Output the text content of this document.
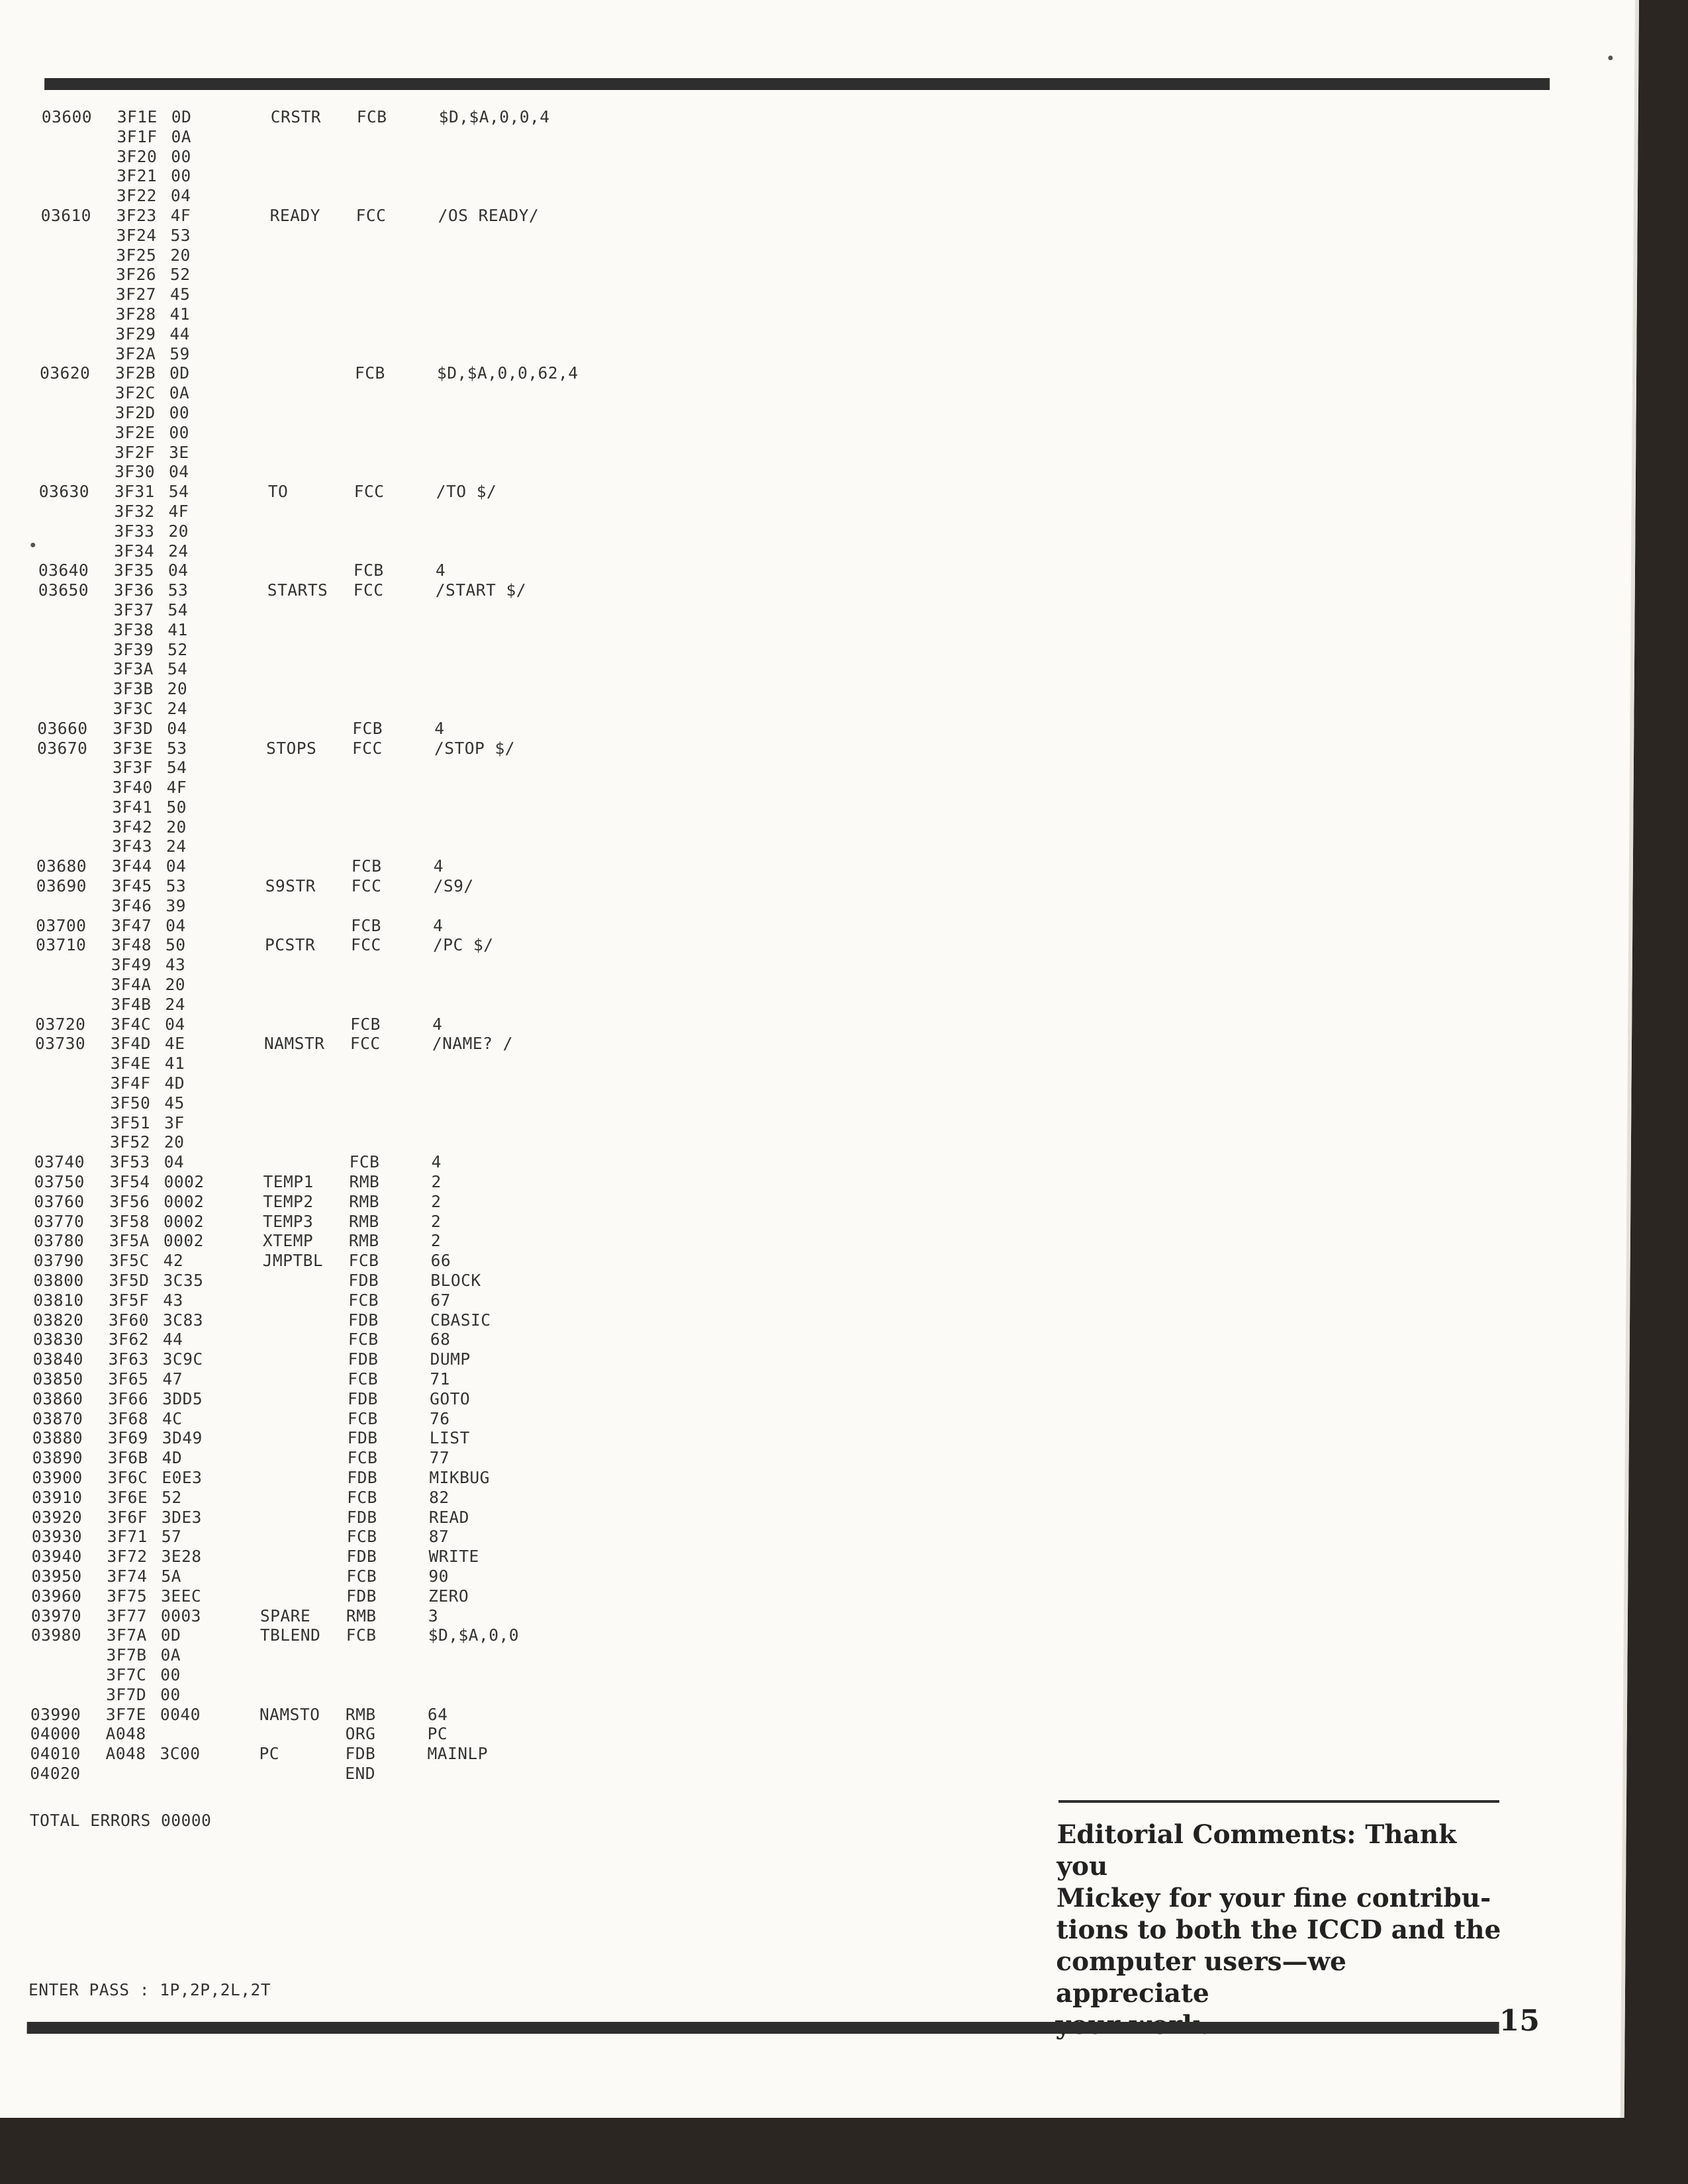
03600 3F1E 0D	CRSTR FCB	$D,$A,0,0,4
3F1F 0A
3F20 00
3F21 00
3F22 04
03610 3F23 4F	READY FCC	/OS READY/
3F24 53
3F25 20
3F26 52
3F27 45
3F28 41
3F29 44
3F2A 59
03620 3F2B 0D	FCB	$D,$A,0,0,62,4
3F2C 0A
3F2D 00
3F2E 00
3F2F 3E
3F30 04
03630 3F31 54	TO	FCC	/TO $/
3F32 4F
3F33 20
3F34 24
03640 3F35 04	FCB	4
03650 3F36 53	STARTS FCC	/START $/
3F37 54
3F38 41
3F39 52
3F3A 54
3F3B 20
3F3C 24
03660 3F3D 04	FCB	4
03670 3F3E 53	STOPS FCC	/STOP $/
3F3F 54
3F40 4F
3F41 50
3F42 20
3F43 24
03680 3F44 04	FCB	4
03690 3F45 53	S9STR FCC	/S9/
3F46 39
03700 3F47 04	FCB	4
03710 3F48 50	PCSTR FCC	/PC $/
3F49 43
3F4A 20
3F4B 24
03720 3F4C 04	FCB	4
03730 3F4D 4E	NAMSTR FCC	/NAME? /
3F4E 41
3F4F 4D
3F50 45
3F51 3F
3F52 20
03740 3F53 04	FCB	4
03750 3F54 0002	TEMP1 RMB	2
03760 3F56 0002	TEMP2 RMB	2
03770 3F58 0002	TEMP3 RMB	2
03780 3F5A 0002	XTEMP RMB	2
03790 3F5C 42	JMPTBL FCB	66
03800 3F5D 3C35	FDB	BLOCK
03810 3F5F 43	FCB	67
03820 3F60 3C83	FDB	CBASIC
03830 3F62 44	FCB	68
03840 3F63 3C9C	FDB	DUMP
03850 3F65 47	FCB	71
03860 3F66 3DD5	FDB	GOTO
03870 3F68 4C	FCB	76
03880 3F69 3D49	FDB	LIST
03890 3F6B 4D	FCB	77
03900 3F6C E0E3	FDB	MIKBUG
03910 3F6E 52	FCB	82
03920 3F6F 3DE3	FDB	READ
03930 3F71 57	FCB	87
03940 3F72 3E28	FDB	WRITE
03950 3F74 5A	FCB	90
03960 3F75 3EEC	FDB	ZERO
03970 3F77 0003	SPARE RMB	3
03980 3F7A 0D	TBLEND FCB	$D,$A,0,0
3F7B 0A
3F7C 00
3F7D 00
03990 3F7E 0040	NAMSTO RMB	64
04000 A048	ORG	PC
04010 A048 3C00	PC	FDB	MAINLP
04020	END
TOTAL ERRORS 00000
ENTER PASS : 1P,2P,2L,2T
Editorial Comments: Thank you
Mickey for your fine contribu-
tions to both the ICCD and the
computer users—we appreciate

15
